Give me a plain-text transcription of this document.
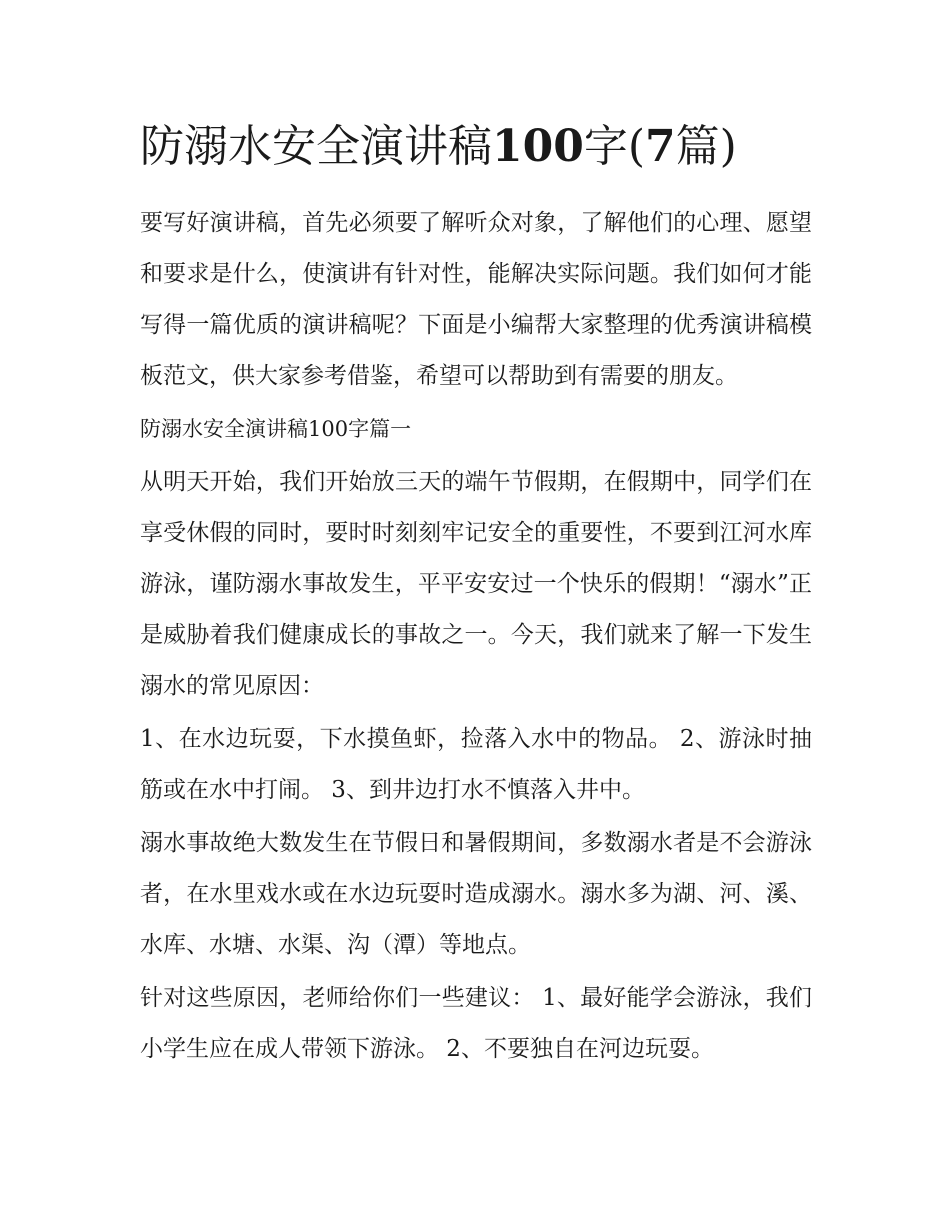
防溺水安全演讲稿100字(7篇)

要写好演讲稿，首先必须要了解听众对象，了解他们的心理、愿望和要求是什么，使演讲有针对性，能解决实际问题。我们如何才能写得一篇优质的演讲稿呢？下面是小编帮大家整理的优秀演讲稿模板范文，供大家参考借鉴，希望可以帮助到有需要的朋友。

防溺水安全演讲稿100字篇一

从明天开始，我们开始放三天的端午节假期，在假期中，同学们在享受休假的同时，要时时刻刻牢记安全的重要性，不要到江河水库游泳，谨防溺水事故发生，平平安安过一个快乐的假期！“溺水”正是威胁着我们健康成长的事故之一。今天，我们就来了解一下发生溺水的常见原因：

1、在水边玩耍，下水摸鱼虾，捡落入水中的物品。 2、游泳时抽筋或在水中打闹。 3、到井边打水不慎落入井中。

溺水事故绝大数发生在节假日和暑假期间，多数溺水者是不会游泳者，在水里戏水或在水边玩耍时造成溺水。溺水多为湖、河、溪、水库、水塘、水渠、沟（潭）等地点。

针对这些原因，老师给你们一些建议： 1、最好能学会游泳，我们小学生应在成人带领下游泳。 2、不要独自在河边玩耍。
